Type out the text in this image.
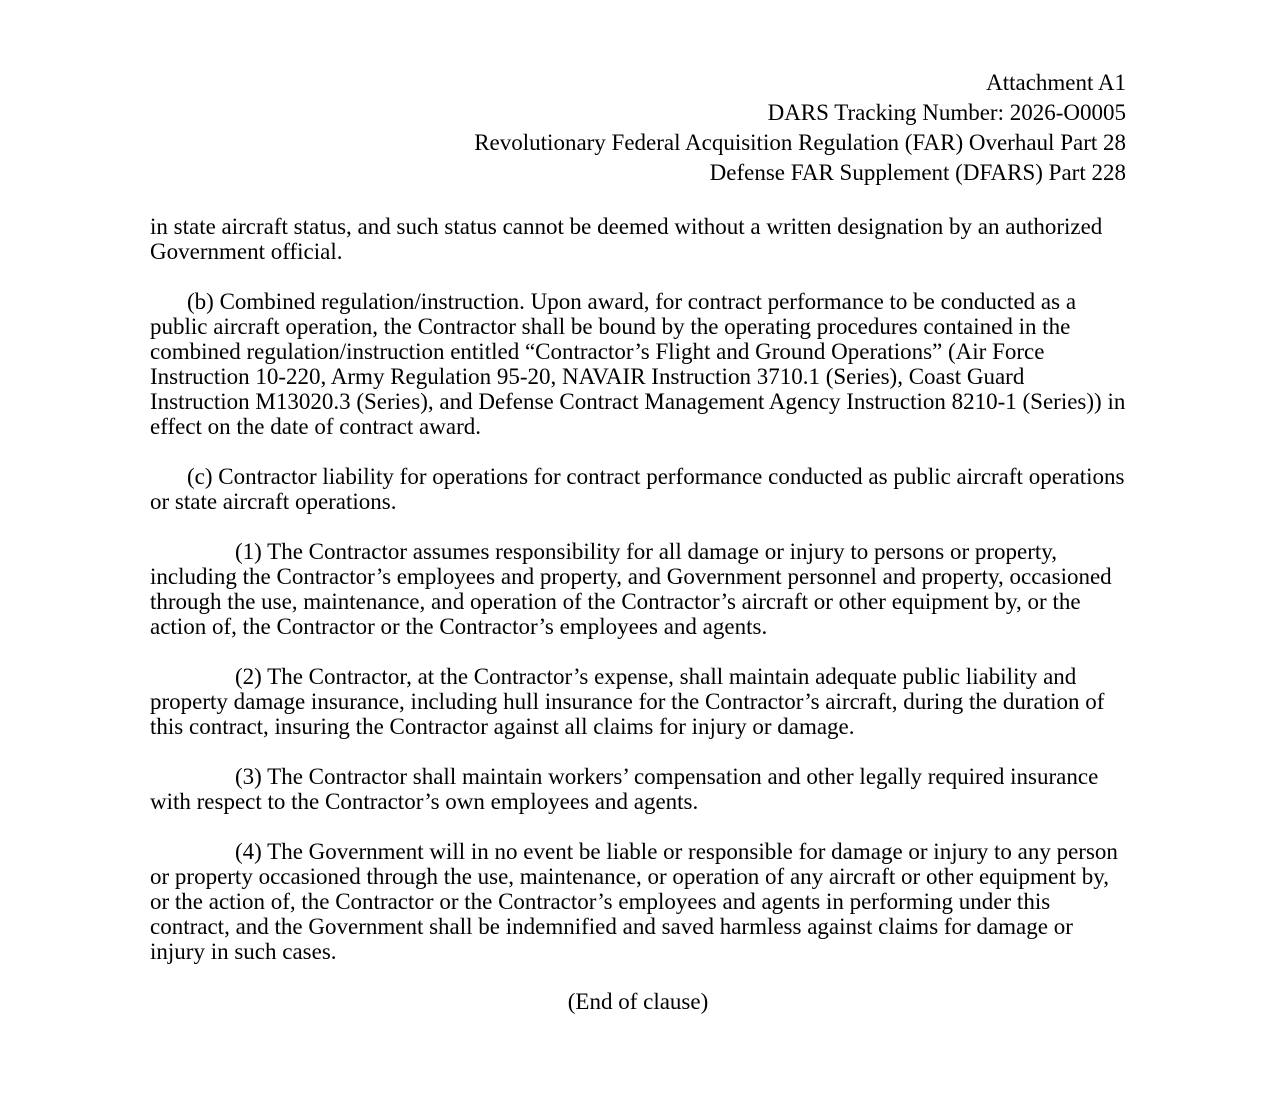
Attachment A1
DARS Tracking Number: 2026-O0005
Revolutionary Federal Acquisition Regulation (FAR) Overhaul Part 28
Defense FAR Supplement (DFARS) Part 228

in state aircraft status, and such status cannot be deemed without a written designation by an authorized Government official.

(b) Combined regulation/instruction. Upon award, for contract performance to be conducted as a public aircraft operation, the Contractor shall be bound by the operating procedures contained in the combined regulation/instruction entitled “Contractor’s Flight and Ground Operations” (Air Force Instruction 10-220, Army Regulation 95-20, NAVAIR Instruction 3710.1 (Series), Coast Guard Instruction M13020.3 (Series), and Defense Contract Management Agency Instruction 8210-1 (Series)) in effect on the date of contract award.

(c) Contractor liability for operations for contract performance conducted as public aircraft operations or state aircraft operations.

(1) The Contractor assumes responsibility for all damage or injury to persons or property, including the Contractor’s employees and property, and Government personnel and property, occasioned through the use, maintenance, and operation of the Contractor’s aircraft or other equipment by, or the action of, the Contractor or the Contractor’s employees and agents.

(2) The Contractor, at the Contractor’s expense, shall maintain adequate public liability and property damage insurance, including hull insurance for the Contractor’s aircraft, during the duration of this contract, insuring the Contractor against all claims for injury or damage.

(3) The Contractor shall maintain workers’ compensation and other legally required insurance with respect to the Contractor’s own employees and agents.

(4) The Government will in no event be liable or responsible for damage or injury to any person or property occasioned through the use, maintenance, or operation of any aircraft or other equipment by, or the action of, the Contractor or the Contractor’s employees and agents in performing under this contract, and the Government shall be indemnified and saved harmless against claims for damage or injury in such cases.

(End of clause)
